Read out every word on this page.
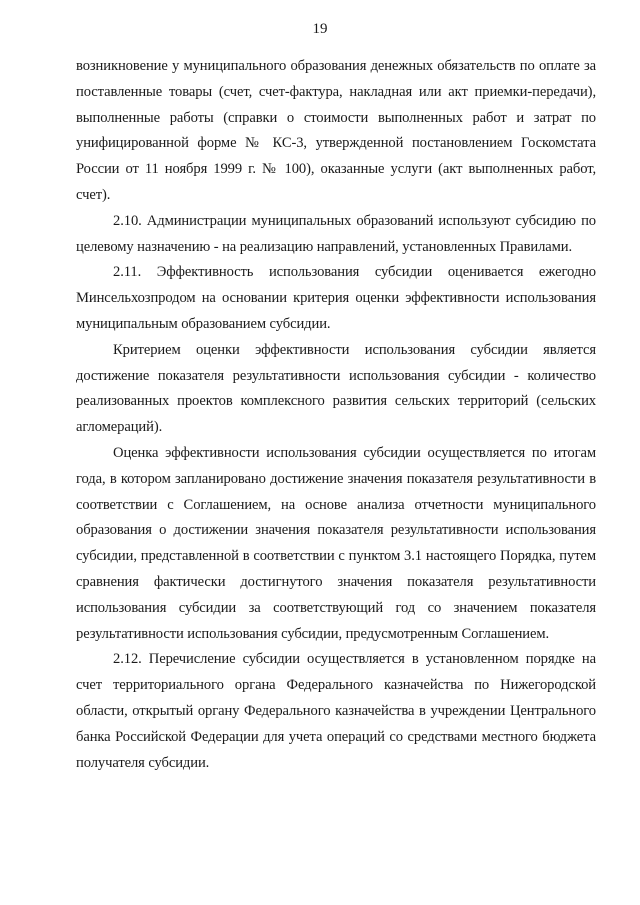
19

возникновение у муниципального образования денежных обязательств по оплате за поставленные товары (счет, счет-фактура, накладная или акт приемки-передачи), выполненные работы (справки о стоимости выполненных работ и затрат по унифицированной форме № КС-3, утвержденной постановлением Госкомстата России от 11 ноября 1999 г. № 100), оказанные услуги (акт выполненных работ, счет).

2.10. Администрации муниципальных образований используют субсидию по целевому назначению - на реализацию направлений, установленных Правилами.

2.11. Эффективность использования субсидии оценивается ежегодно Минсельхозпродом на основании критерия оценки эффективности использования муниципальным образованием субсидии.

Критерием оценки эффективности использования субсидии является достижение показателя результативности использования субсидии - количество реализованных проектов комплексного развития сельских территорий (сельских агломераций).

Оценка эффективности использования субсидии осуществляется по итогам года, в котором запланировано достижение значения показателя результативности в соответствии с Соглашением, на основе анализа отчетности муниципального образования о достижении значения показателя результативности использования субсидии, представленной в соответствии с пунктом 3.1 настоящего Порядка, путем сравнения фактически достигнутого значения показателя результативности использования субсидии за соответствующий год со значением показателя результативности использования субсидии, предусмотренным Соглашением.

2.12. Перечисление субсидии осуществляется в установленном порядке на счет территориального органа Федерального казначейства по Нижегородской области, открытый органу Федерального казначейства в учреждении Центрального банка Российской Федерации для учета операций со средствами местного бюджета получателя субсидии.
